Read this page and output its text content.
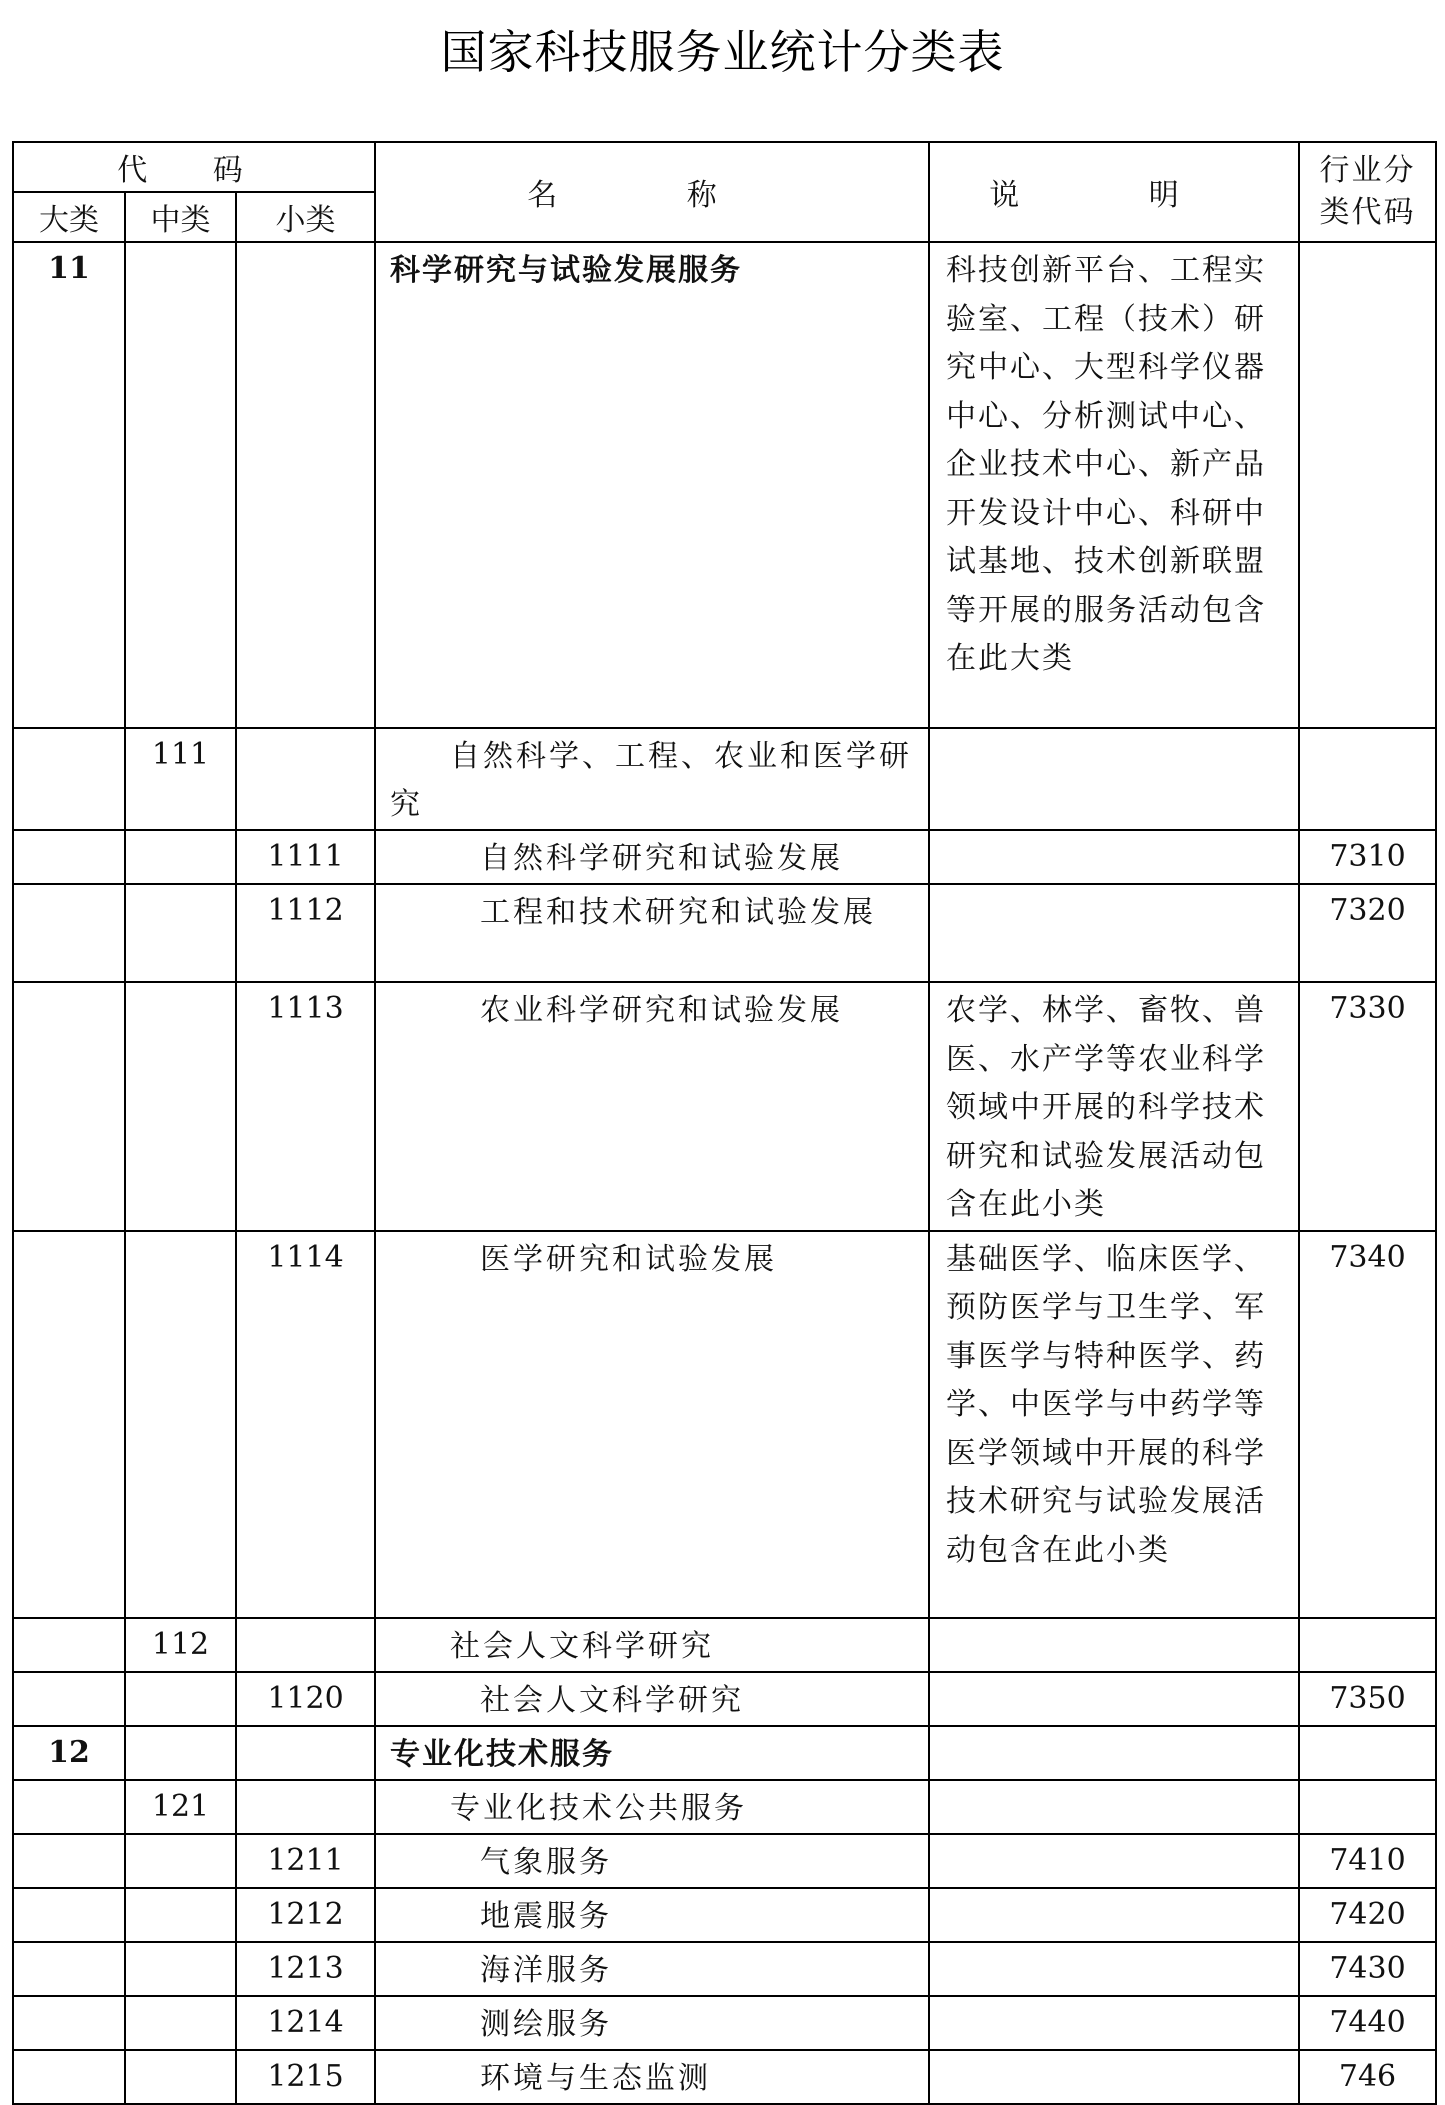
国家科技服务业统计分类表
代 码			名 称	说 明	行业分类代码
大类	中类	小类			
11			科学研究与试验发展服务	科技创新平台、工程实验室、工程（技术）研究中心、大型科学仪器中心、分析测试中心、企业技术中心、新产品开发设计中心、科研中试基地、技术创新联盟等开展的服务活动包含在此大类	
	111		自然科学、工程、农业和医学研究		
		1111	自然科学研究和试验发展		7310
		1112	工程和技术研究和试验发展		7320
		1113	农业科学研究和试验发展	农学、林学、畜牧、兽医、水产学等农业科学领域中开展的科学技术研究和试验发展活动包含在此小类	7330
		1114	医学研究和试验发展	基础医学、临床医学、预防医学与卫生学、军事医学与特种医学、药学、中医学与中药学等医学领域中开展的科学技术研究与试验发展活动包含在此小类	7340
	112		社会人文科学研究		
		1120	社会人文科学研究		7350
12			专业化技术服务		
	121		专业化技术公共服务		
		1211	气象服务		7410
		1212	地震服务		7420
		1213	海洋服务		7430
		1214	测绘服务		7440
		1215	环境与生态监测		746
